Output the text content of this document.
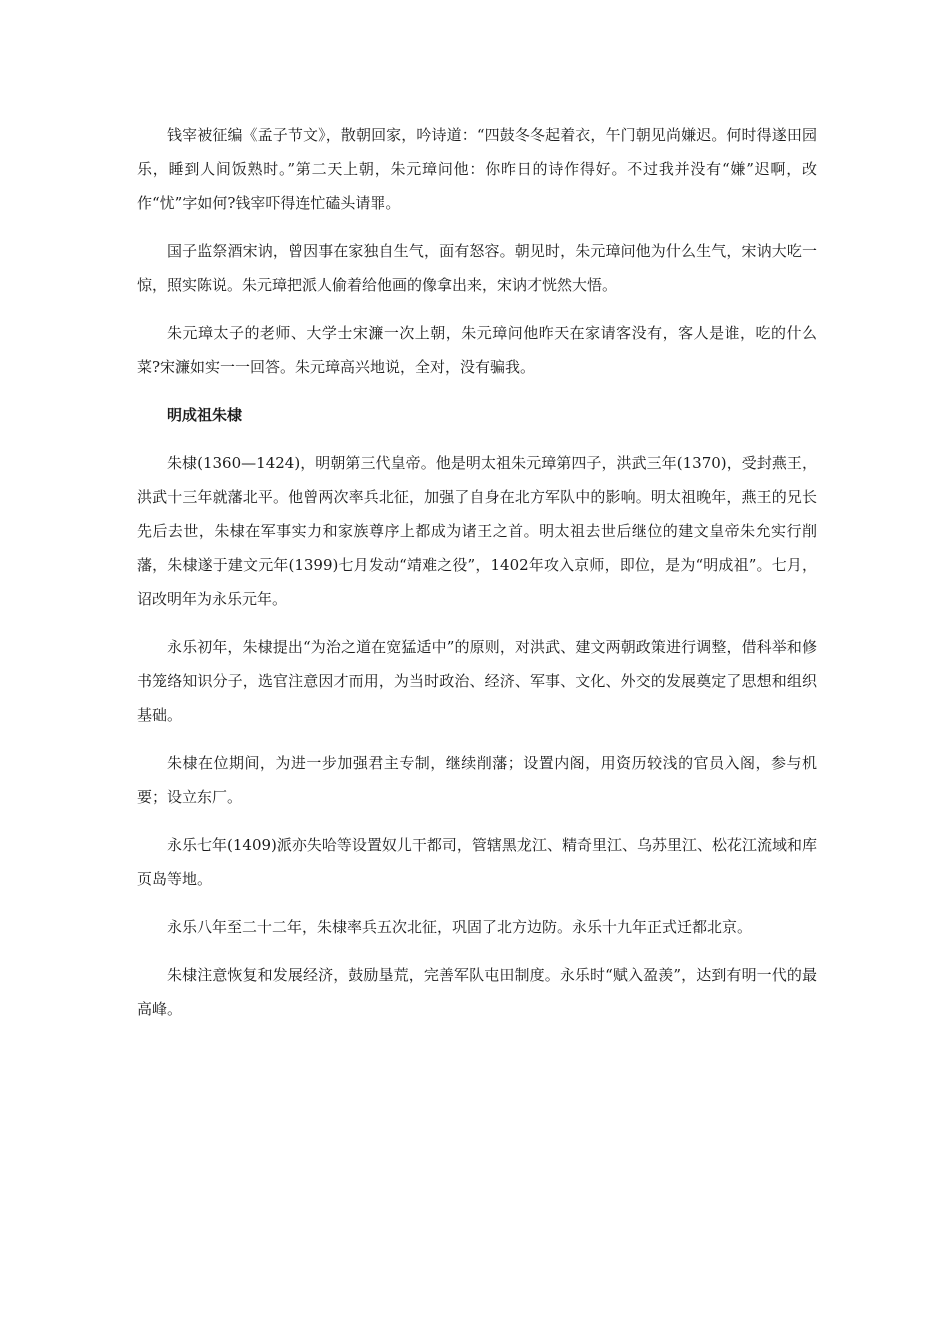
钱宰被征编《孟子节文》，散朝回家，吟诗道：“四鼓冬冬起着衣，午门朝见尚嫌迟。何时得遂田园乐，睡到人间饭熟时。”第二天上朝，朱元璋问他：你昨日的诗作得好。不过我并没有“嫌”迟啊，改作“忧”字如何?钱宰吓得连忙磕头请罪。

国子监祭酒宋讷，曾因事在家独自生气，面有怒容。朝见时，朱元璋问他为什么生气，宋讷大吃一惊，照实陈说。朱元璋把派人偷着给他画的像拿出来，宋讷才恍然大悟。

朱元璋太子的老师、大学士宋濂一次上朝，朱元璋问他昨天在家请客没有，客人是谁，吃的什么菜?宋濂如实一一回答。朱元璋高兴地说，全对，没有骗我。

明成祖朱棣

朱棣(1360—1424)，明朝第三代皇帝。他是明太祖朱元璋第四子，洪武三年(1370)，受封燕王，洪武十三年就藩北平。他曾两次率兵北征，加强了自身在北方军队中的影响。明太祖晚年，燕王的兄长先后去世，朱棣在军事实力和家族尊序上都成为诸王之首。明太祖去世后继位的建文皇帝朱允实行削藩，朱棣遂于建文元年(1399)七月发动“靖难之役”，1402年攻入京师，即位，是为“明成祖”。七月，诏改明年为永乐元年。

永乐初年，朱棣提出“为治之道在宽猛适中”的原则，对洪武、建文两朝政策进行调整，借科举和修书笼络知识分子，选官注意因才而用，为当时政治、经济、军事、文化、外交的发展奠定了思想和组织基础。

朱棣在位期间，为进一步加强君主专制，继续削藩；设置内阁，用资历较浅的官员入阁，参与机要；设立东厂。

永乐七年(1409)派亦失哈等设置奴儿干都司，管辖黑龙江、精奇里江、乌苏里江、松花江流域和库页岛等地。

永乐八年至二十二年，朱棣率兵五次北征，巩固了北方边防。永乐十九年正式迁都北京。

朱棣注意恢复和发展经济，鼓励垦荒，完善军队屯田制度。永乐时“赋入盈羡”，达到有明一代的最高峰。
